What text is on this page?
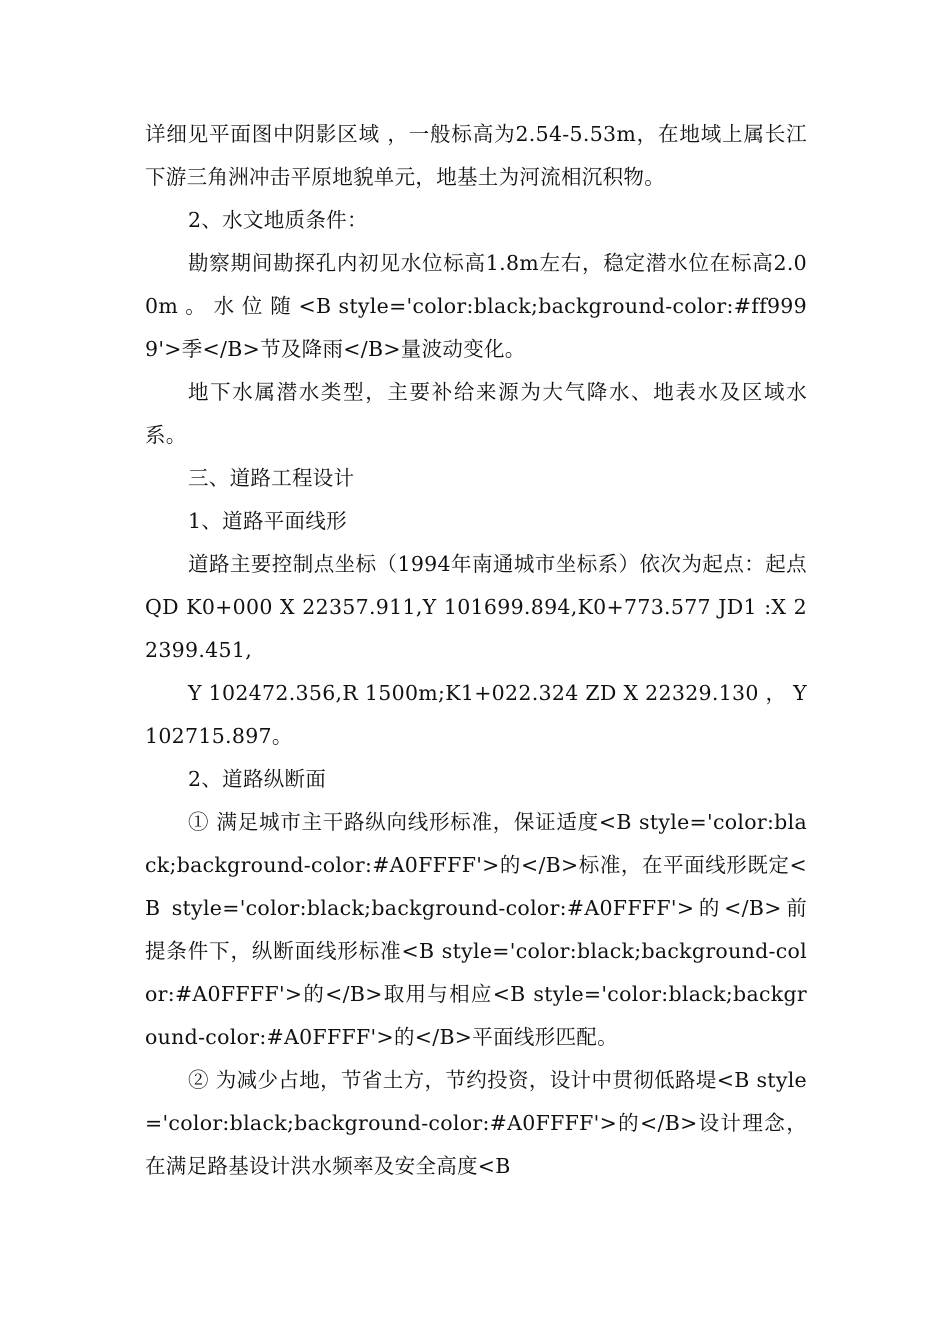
详细见平面图中阴影区域 ，一般标高为2.54-5.53m，在地域上属长江下游三角洲冲击平原地貌单元，地基土为河流相沉积物。

2、水文地质条件：

勘察期间勘探孔内初见水位标高1.8m左右，稳定潜水位在标高2.00m 。 水 位 随 <B style='color:black;background-color:#ff9999'>季</B>节及降雨</B>量波动变化。

地下水属潜水类型，主要补给来源为大气降水、地表水及区域水系。

三、道路工程设计

1、道路平面线形

道路主要控制点坐标（1994年南通城市坐标系）依次为起点：起点 QD K0+000 X 22357.911,Y 101699.894,K0+773.577 JD1 :X 22399.451,

Y 102472.356,R 1500m;K1+022.324 ZD X 22329.130 ， Y 102715.897。

2、道路纵断面

① 满足城市主干路纵向线形标准，保证适度<B style='color:black;background-color:#A0FFFF'>的</B>标准，在平面线形既定<B style='color:black;background-color:#A0FFFF'>的</B>前提条件下，纵断面线形标准<B style='color:black;background-color:#A0FFFF'>的</B>取用与相应<B style='color:black;background-color:#A0FFFF'>的</B>平面线形匹配。

② 为减少占地，节省土方，节约投资，设计中贯彻低路堤<B style='color:black;background-color:#A0FFFF'>的</B>设计理念，在满足路基设计洪水频率及安全高度<B
